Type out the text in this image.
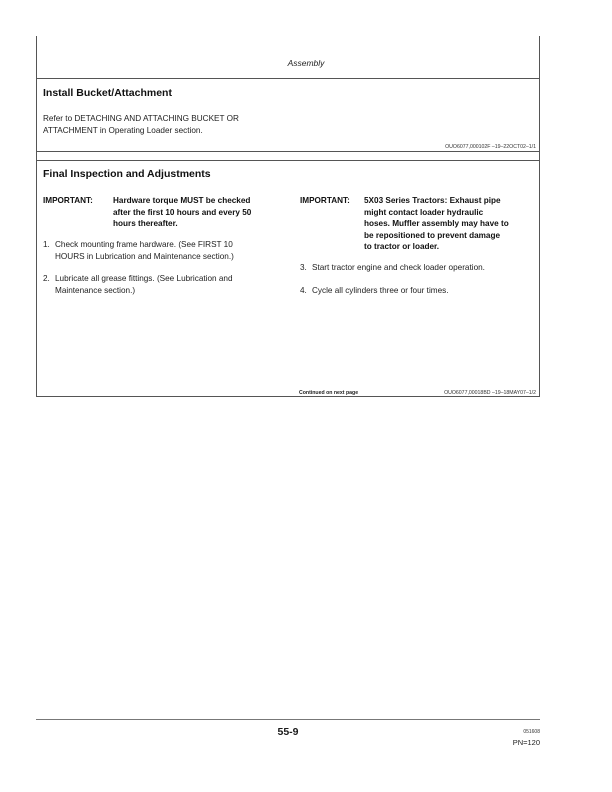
Assembly
Install Bucket/Attachment
Refer to DETACHING AND ATTACHING BUCKET OR
ATTACHMENT in Operating Loader section.
OUO6077,000102F –19–22OCT02–1/1
Final Inspection and Adjustments
IMPORTANT: Hardware torque MUST be checked
after the first 10 hours and every 50
hours thereafter.
1. Check mounting frame hardware. (See FIRST 10
HOURS in Lubrication and Maintenance section.)
2. Lubricate all grease fittings. (See Lubrication and
Maintenance section.)
IMPORTANT: 5X03 Series Tractors: Exhaust pipe
might contact loader hydraulic
hoses. Muffler assembly may have to
be repositioned to prevent damage
to tractor or loader.
3. Start tractor engine and check loader operation.
4. Cycle all cylinders three or four times.
Continued on next page	OUO6077,00018BD –19–18MAY07–1/2
55-9	051608
PN=120
